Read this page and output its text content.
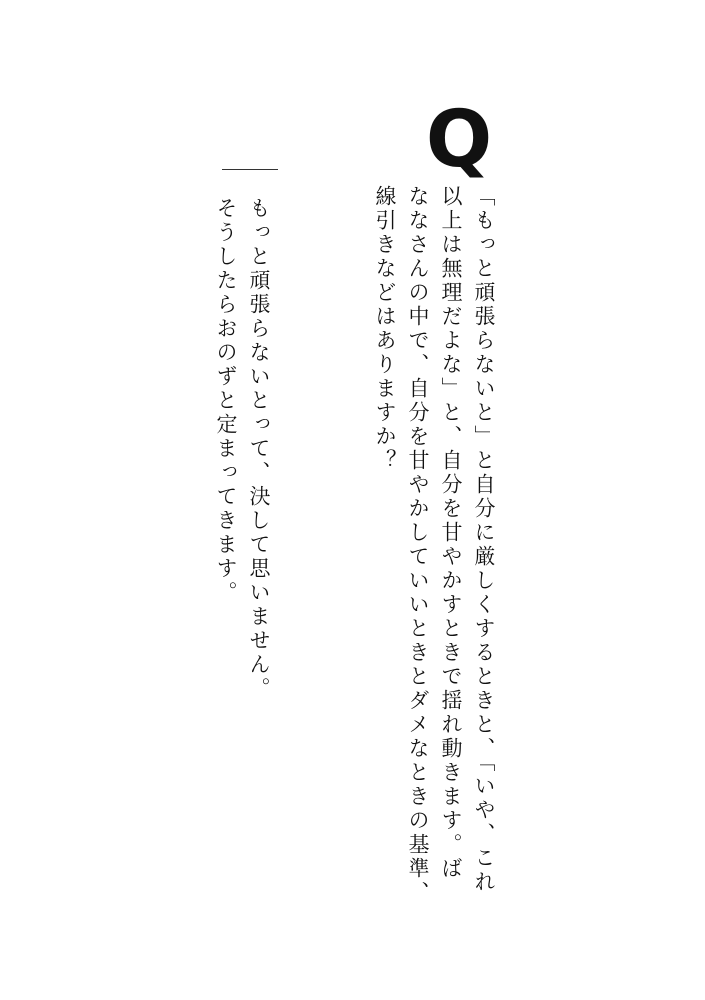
Q
「もっと頑張らないと」と自分に厳しくするときと、「いや、これ
以上は無理だよな」と、自分を甘やかすときで揺れ動きます。ば
ななさんの中で、自分を甘やかしていいときとダメなときの基準、
線引きなどはありますか？
もっと頑張らないとって、決して思いません。
そうしたらおのずと定まってきます。
